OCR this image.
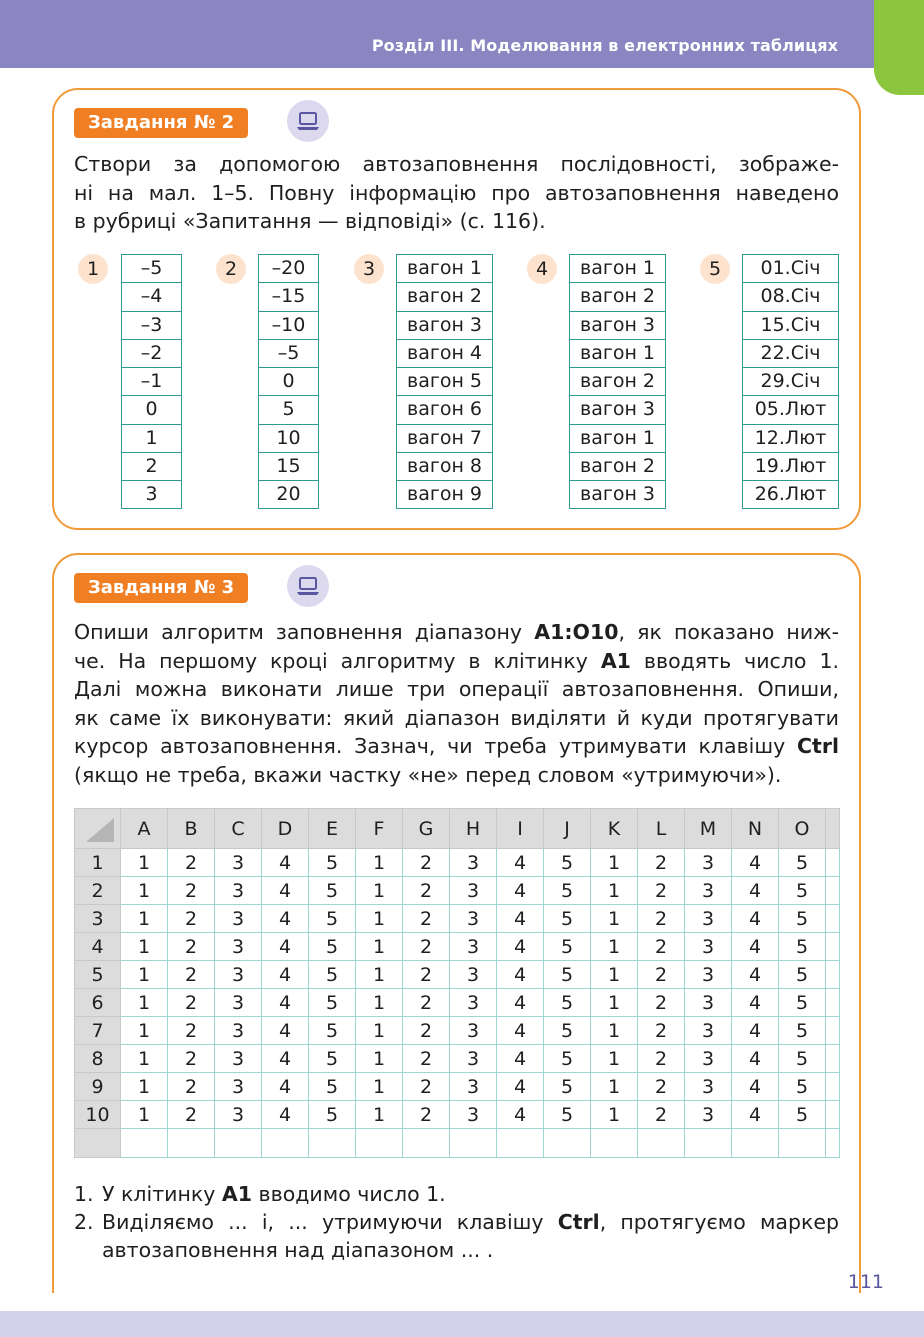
Розділ ІІІ. Моделювання в електронних таблицях
Завдання № 2
Створи за допомогою автозаповнення послідовності, зображе-
ні на мал. 1–5. Повну інформацію про автозаповнення наведено
в рубриці «Запитання — відповіді» (с. 116).
1	–5
–4
–3
–2
–1
0
1
2
3
2	–20
–15
–10
–5
0
5
10
15
20
3	вагон 1
вагон 2
вагон 3
вагон 4
вагон 5
вагон 6
вагон 7
вагон 8
вагон 9
4	вагон 1
вагон 2
вагон 3
вагон 1
вагон 2
вагон 3
вагон 1
вагон 2
вагон 3
5	01.Січ
08.Січ
15.Січ
22.Січ
29.Січ
05.Лют
12.Лют
19.Лют
26.Лют
Завдання № 3
Опиши алгоритм заповнення діапазону A1:O10, як показано ниж-
че. На першому кроці алгоритму в клітинку A1 вводять число 1.
Далі можна виконати лише три операції автозаповнення. Опиши,
як саме їх виконувати: який діапазон виділяти й куди протягувати
курсор автозаповнення. Зазнач, чи треба утримувати клавішу Ctrl
(якщо не треба, вкажи частку «не» перед словом «утримуючи»).
	A	B	C	D	E	F	G	H	I	J	K	L	M	N	O	
1	1	2	3	4	5	1	2	3	4	5	1	2	3	4	5	
2	1	2	3	4	5	1	2	3	4	5	1	2	3	4	5	
3	1	2	3	4	5	1	2	3	4	5	1	2	3	4	5	
4	1	2	3	4	5	1	2	3	4	5	1	2	3	4	5	
5	1	2	3	4	5	1	2	3	4	5	1	2	3	4	5	
6	1	2	3	4	5	1	2	3	4	5	1	2	3	4	5	
7	1	2	3	4	5	1	2	3	4	5	1	2	3	4	5	
8	1	2	3	4	5	1	2	3	4	5	1	2	3	4	5	
9	1	2	3	4	5	1	2	3	4	5	1	2	3	4	5	
10	1	2	3	4	5	1	2	3	4	5	1	2	3	4	5	

1. У клітинку A1 вводимо число 1.
2. Виділяємо ... і, ... утримуючи клавішу Ctrl, протягуємо маркер
автозаповнення над діапазоном ... .
111
